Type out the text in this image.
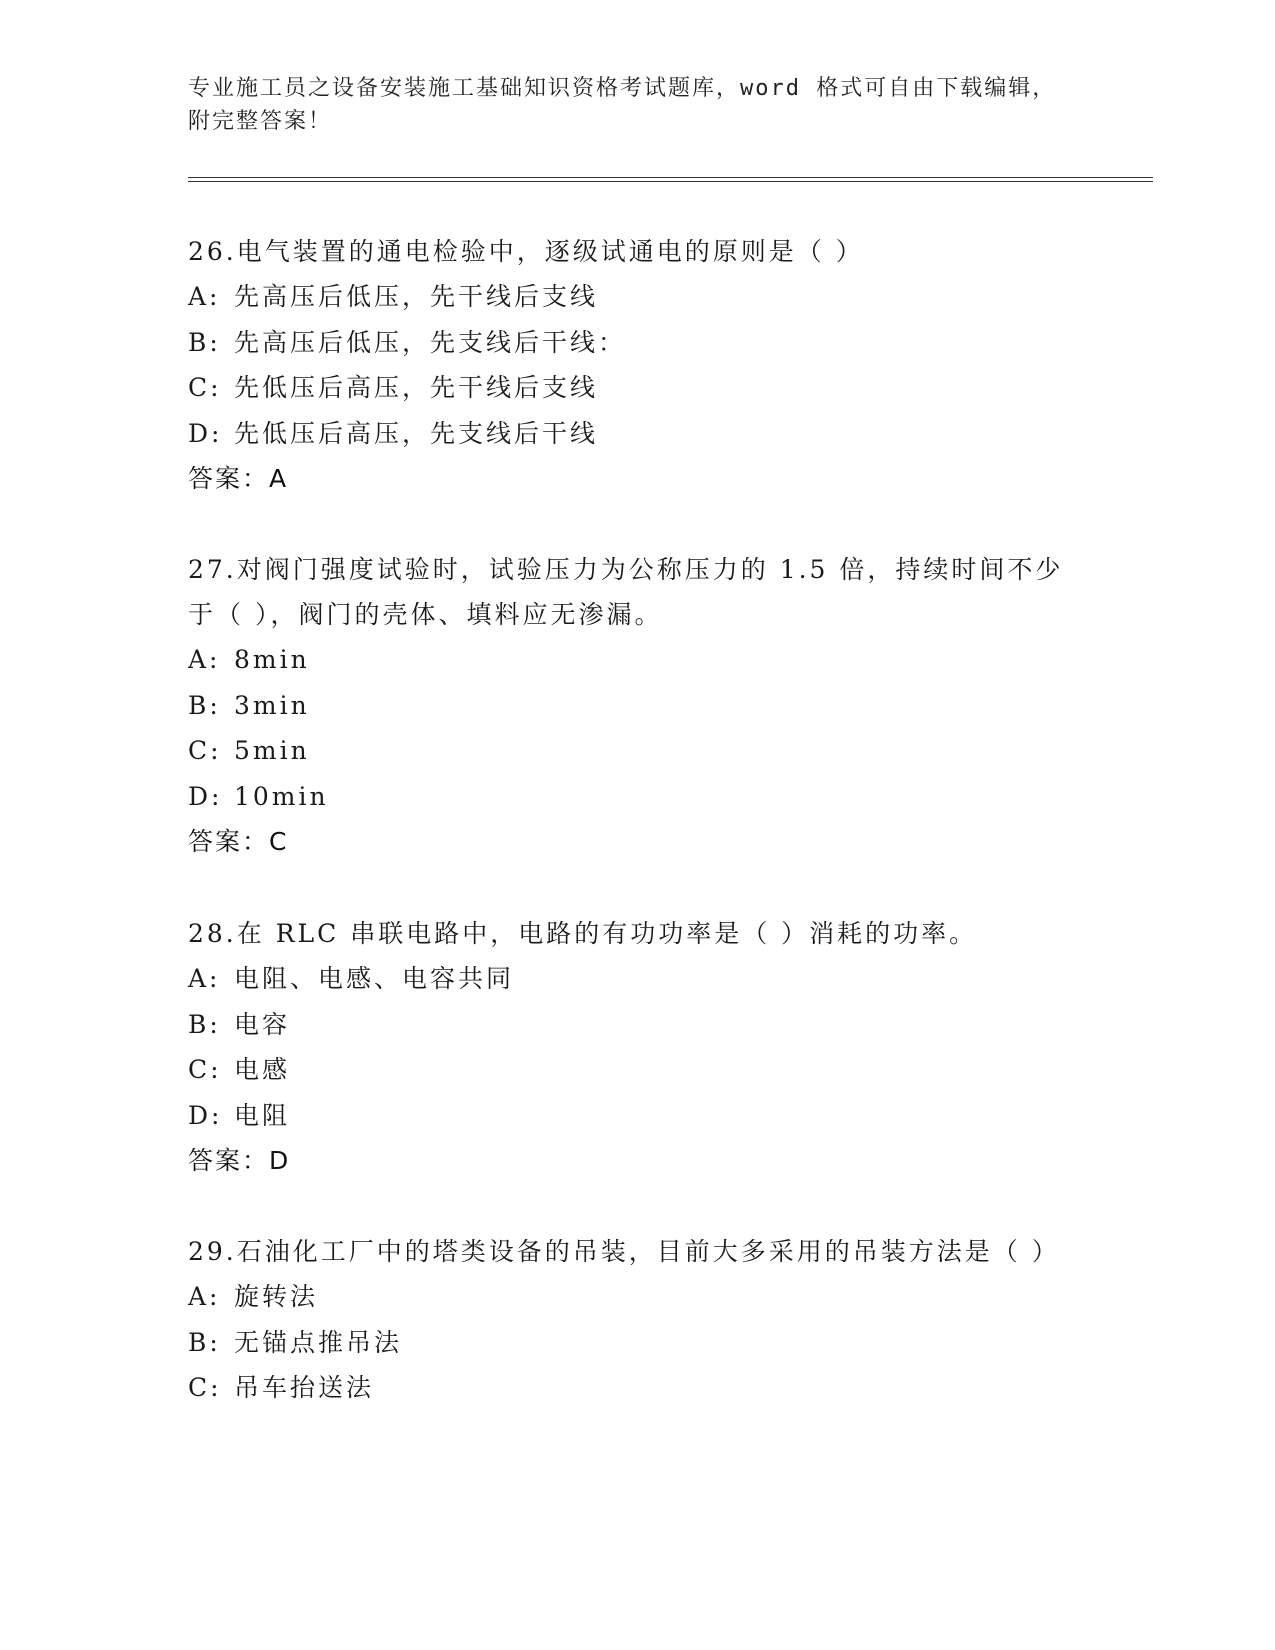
专业施工员之设备安装施工基础知识资格考试题库，word 格式可自由下载编辑，附完整答案！

26.电气装置的通电检验中，逐级试通电的原则是（ ）

A: 先高压后低压，先干线后支线

B: 先高压后低压，先支线后干线：

C: 先低压后高压，先干线后支线

D: 先低压后高压，先支线后干线

答案：A

27.对阀门强度试验时，试验压力为公称压力的 1.5 倍，持续时间不少于（ ），阀门的壳体、填料应无渗漏。

A: 8min

B: 3min

C: 5min

D: 10min

答案：C

28.在 RLC 串联电路中，电路的有功功率是（ ）消耗的功率。

A: 电阻、电感、电容共同

B: 电容

C: 电感

D: 电阻

答案：D

29.石油化工厂中的塔类设备的吊装，目前大多采用的吊装方法是（ ）

A: 旋转法

B: 无锚点推吊法

C: 吊车抬送法
